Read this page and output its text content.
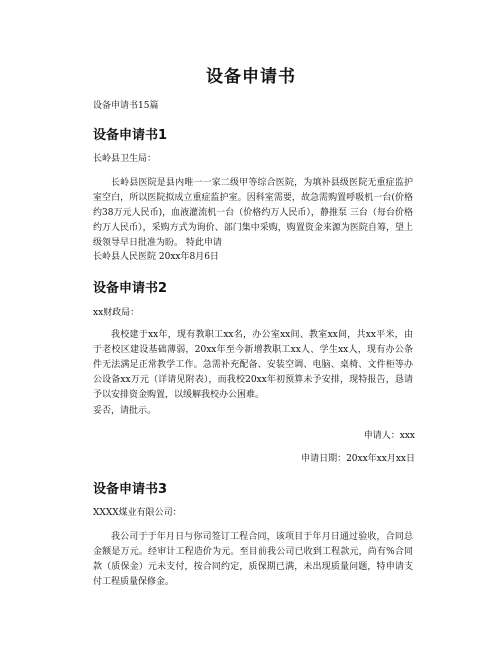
设备申请书
设备申请书15篇
设备申请书1
长岭县卫生局：
长岭县医院是县内唯一一家二级甲等综合医院，为填补县级医院无重症监护室空白，所以医院拟成立重症监护室。因科室需要，故急需购置呼吸机一台(价格约38万元人民币)，血液灌流机一台（价格约万人民币），静推泵 三台（每台价格约万人民币），采购方式为询价、部门集中采购，购置资金来源为医院自筹，望上级领导早日批准为盼。 特此申请
长岭县人民医院 20xx年8月6日
设备申请书2
xx财政局：
我校建于xx年，现有教职工xx名，办公室xx间、教室xx间，共xx平米，由于老校区建设基础薄弱，20xx年至今新增教职工xx人、学生xx人，现有办公条件无法满足正常教学工作。急需补充配备、安装空调、电脑、桌椅、文件柜等办公设备xx万元（详请见附表），而我校20xx年初预算未予安排，现特报告，恳请予以安排资金购置，以缓解我校办公困难。
妥否，请批示。
申请人：xxx
申请日期：20xx年xx月xx日
设备申请书3
XXXX煤业有限公司：
我公司于于年月日与你司签订工程合同，该项目于年月日通过验收，合同总金额是万元。经审计工程造价为元。至目前我公司已收到工程款元，尚有%合同款（质保金）元未支付，按合同约定，质保期已满，未出现质量问题，特申请支付工程质量保修金。
